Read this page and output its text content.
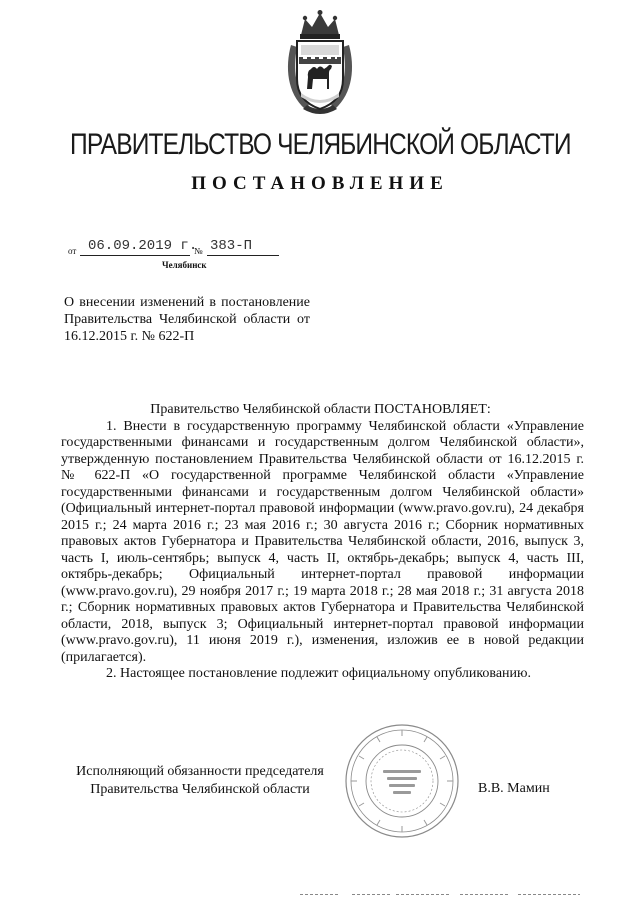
ПРАВИТЕЛЬСТВО ЧЕЛЯБИНСКОЙ ОБЛАСТИ
ПОСТАНОВЛЕНИЕ
от 06.09.2019 г.
№ 383-П
Челябинск
О внесении изменений в постановление Правительства Челябинской области от 16.12.2015 г. № 622-П
Правительство Челябинской области ПОСТАНОВЛЯЕТ:
1. Внести в государственную программу Челябинской области «Управление государственными финансами и государственным долгом Челябинской области», утвержденную постановлением Правительства Челябинской области от 16.12.2015 г. № 622-П «О государственной программе Челябинской области «Управление государственными финансами и государственным долгом Челябинской области» (Официальный интернет-портал правовой информации (www.pravo.gov.ru), 24 декабря 2015 г.; 24 марта 2016 г.; 23 мая 2016 г.; 30 августа 2016 г.; Сборник нормативных правовых актов Губернатора и Правительства Челябинской области, 2016, выпуск 3, часть I, июль-сентябрь; выпуск 4, часть II, октябрь-декабрь; выпуск 4, часть III, октябрь-декабрь; Официальный интернет-портал правовой информации (www.pravo.gov.ru), 29 ноября 2017 г.; 19 марта 2018 г.; 28 мая 2018 г.; 31 августа 2018 г.; Сборник нормативных правовых актов Губернатора и Правительства Челябинской области, 2018, выпуск 3; Официальный интернет-портал правовой информации (www.pravo.gov.ru), 11 июня 2019 г.), изменения, изложив ее в новой редакции (прилагается).
2. Настоящее постановление подлежит официальному опубликованию.
Исполняющий обязанности председателя
Правительства Челябинской области	В.В. Мамин
